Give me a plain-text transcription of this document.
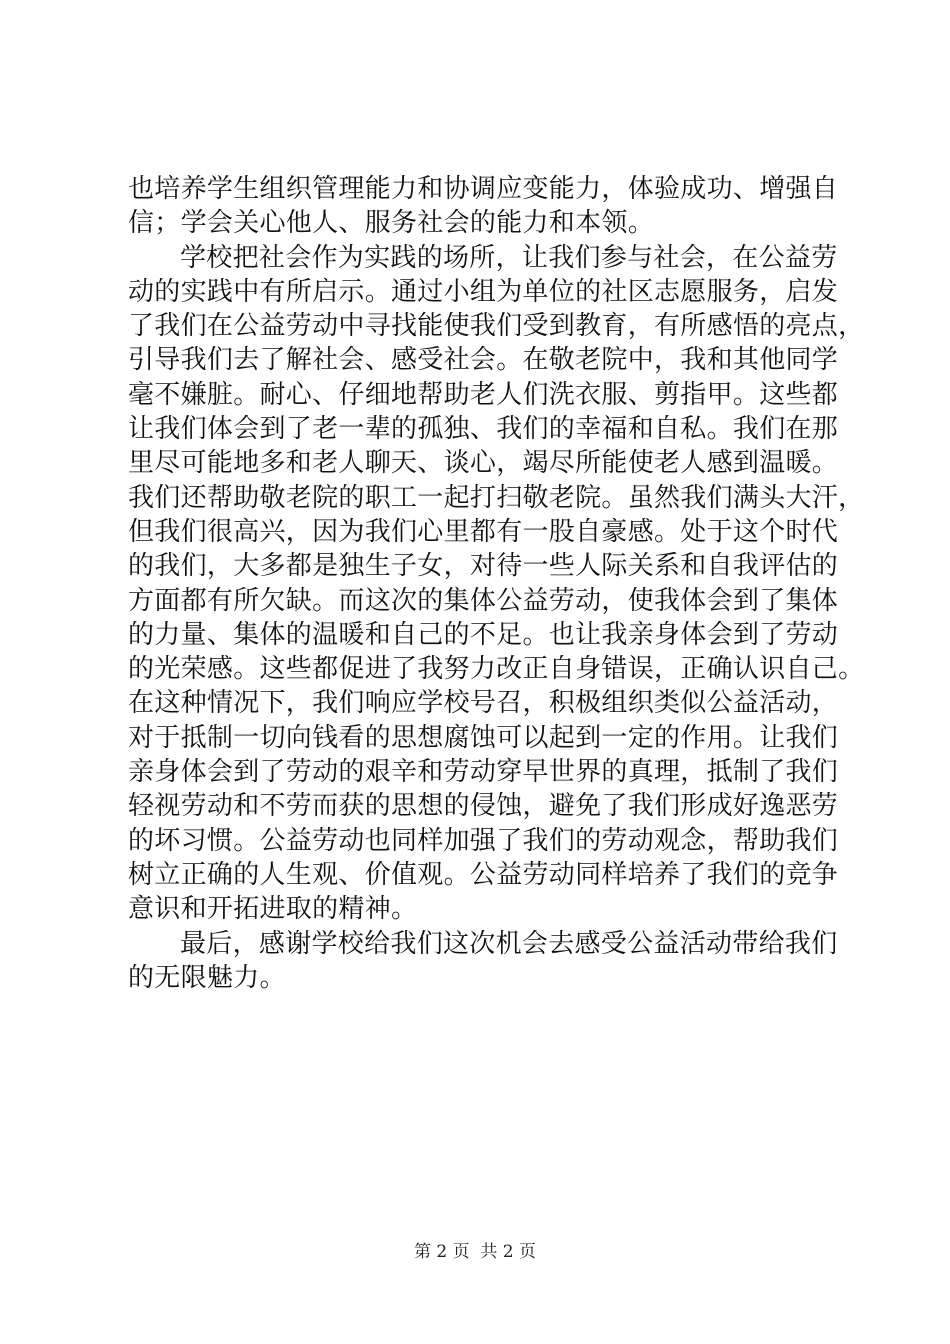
也培养学生组织管理能力和协调应变能力，体验成功、增强自
信；学会关心他人、服务社会的能力和本领。
学校把社会作为实践的场所，让我们参与社会，在公益劳
动的实践中有所启示。通过小组为单位的社区志愿服务，启发
了我们在公益劳动中寻找能使我们受到教育，有所感悟的亮点，
引导我们去了解社会、感受社会。在敬老院中，我和其他同学
毫不嫌脏。耐心、仔细地帮助老人们洗衣服、剪指甲。这些都
让我们体会到了老一辈的孤独、我们的幸福和自私。我们在那
里尽可能地多和老人聊天、谈心，竭尽所能使老人感到温暖。
我们还帮助敬老院的职工一起打扫敬老院。虽然我们满头大汗，
但我们很高兴，因为我们心里都有一股自豪感。处于这个时代
的我们，大多都是独生子女，对待一些人际关系和自我评估的
方面都有所欠缺。而这次的集体公益劳动，使我体会到了集体
的力量、集体的温暖和自己的不足。也让我亲身体会到了劳动
的光荣感。这些都促进了我努力改正自身错误，正确认识自己。
在这种情况下，我们响应学校号召，积极组织类似公益活动，
对于抵制一切向钱看的思想腐蚀可以起到一定的作用。让我们
亲身体会到了劳动的艰辛和劳动穿早世界的真理，抵制了我们
轻视劳动和不劳而获的思想的侵蚀，避免了我们形成好逸恶劳
的坏习惯。公益劳动也同样加强了我们的劳动观念，帮助我们
树立正确的人生观、价值观。公益劳动同样培养了我们的竞争
意识和开拓进取的精神。
最后，感谢学校给我们这次机会去感受公益活动带给我们
的无限魅力。
第 2 页  共 2 页
